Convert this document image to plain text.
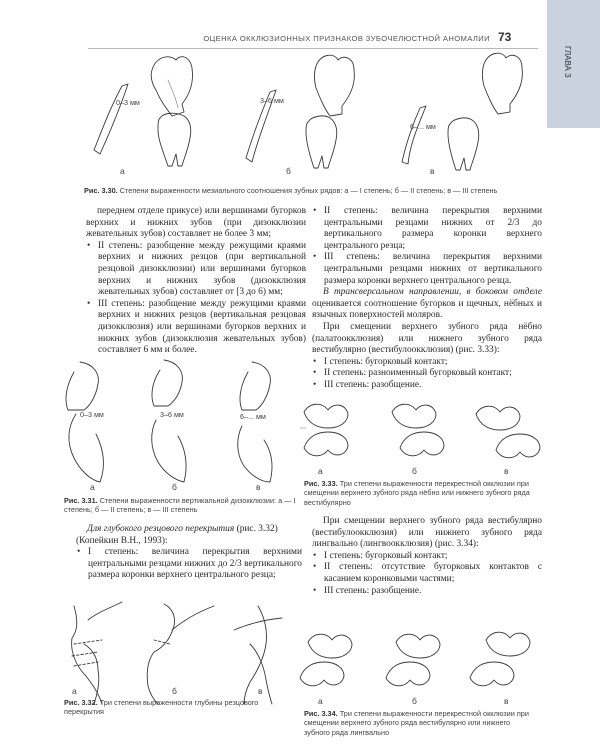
ОЦЕНКА ОККЛЮЗИОННЫХ ПРИЗНАКОВ ЗУБОЧЕЛЮСТНОЙ АНОМАЛИИ 73
ГЛАВА 3
0–3 мм	3–6 мм
6–... мм
а	б	в
Рис. 3.30. Степени выраженности мезиального соотношения зубных рядов: а — I степень; б — II степень; в — III степень

переднем отделе прикусе) или вершинами бугорков верхних и нижних зубов (при дизокклюзии жевательных зубов) составляет не более 3 мм;

• II степень: разобщение между режущими краями верхних и нижних резцов (при вертикальной резцовой дизокклюзии) или вершинами бугорков верхних и нижних зубов (дизокклюзия жевательных зубов) составляет от [3 до 6) мм;

• III степень: разобщение между режущими краями верхних и нижних резцов (вертикальная резцовая дизокклюзия) или вершинами бугорков верхних и нижних зубов (дизокклюзия жевательных зубов) составляет 6 мм и более.

0–3 мм	3–6 мм	6–... мм
а	б	в
Рис. 3.31. Степени выраженности вертикальной дизокклюзии: а — I степень; б — II степень; в — III степень

Для глубокого резцового перекрытия (рис. 3.32) (Копейкин В.Н., 1993):

• I степень: величина перекрытия верхними центральными резцами нижних до 2/3 вертикального размера коронки верхнего центрального резца;

а	б	в
Рис. 3.32. Три степени выраженности глубины резцового перекрытия

• II степень: величина перекрытия верхними центральными резцами нижних от 2/3 до вертикального размера коронки верхнего центрального резца;

• III степень: величина перекрытия верхними центральными резцами нижних от вертикального размера коронки верхнего центрального резца.

В трансверсальном направлении, в боковом отделе оценивается соотношение бугорков и щечных, нёбных и язычных поверхностей моляров.

При смещении верхнего зубного ряда нёбно (палатоокклюзия) или нижнего зубного ряда вестибулярно (вестибулоокклюзия) (рис. 3.33):

• I степень: бугорковый контакт;

• II степень: разноименный бугорковый контакт;

• III степень: разобщение.

а	б	в
Рис. 3.33. Три степени выраженности перекрестной окклюзии при смещении верхнего зубного ряда нёбно или нижнего зубного ряда вестибулярно

При смещении верхнего зубного ряда вестибулярно (вестибулоокклюзия) или нижнего зубного ряда лингвально (лингвоокклюзия) (рис. 3.34):

• I степень: бугорковый контакт;

• II степень: отсутствие бугорковых контактов с касанием коронковыми частями;

• III степень: разобщение.

а	б	в
Рис. 3.34. Три степени выраженности перекрестной окклюзии при смещении верхнего зубного ряда вестибулярно или нижнего зубного ряда лингвально
